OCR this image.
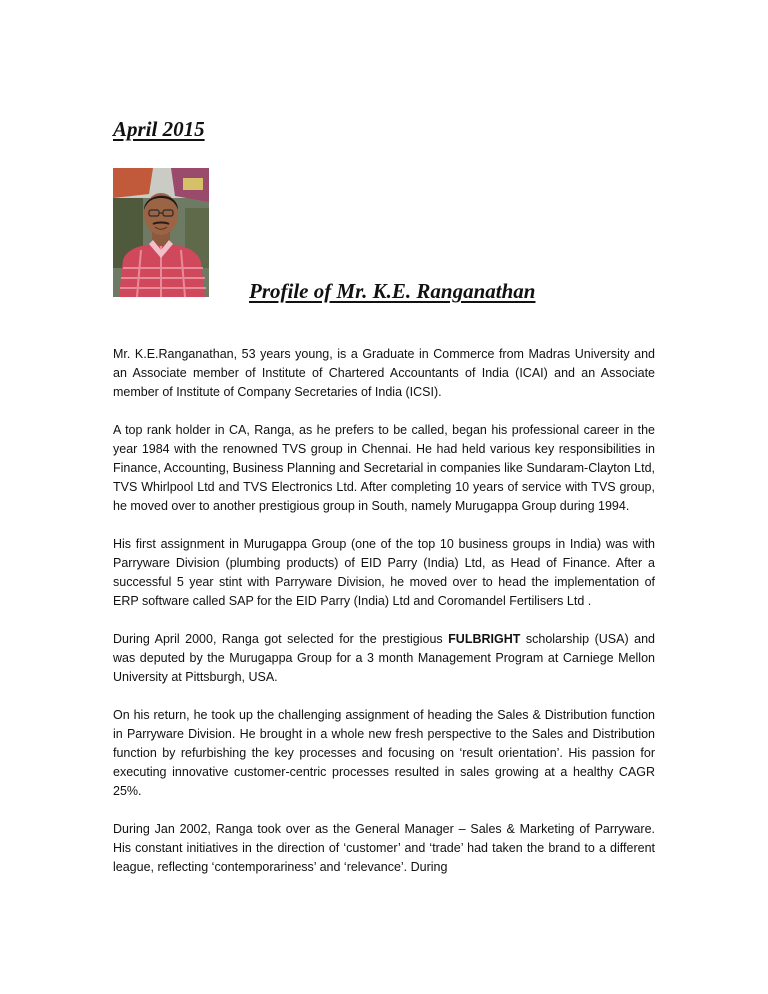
April 2015
Profile of Mr. K.E. Ranganathan

Mr. K.E.Ranganathan, 53 years young, is a Graduate in Commerce from Madras University and an Associate member of Institute of Chartered Accountants of India (ICAI) and an Associate member of Institute of Company Secretaries of India (ICSI).

A top rank holder in CA, Ranga, as he prefers to be called, began his professional career in the year 1984 with the renowned TVS group in Chennai. He had held various key responsibilities in Finance, Accounting, Business Planning and Secretarial in companies like Sundaram-Clayton Ltd, TVS Whirlpool Ltd and TVS Electronics Ltd. After completing 10 years of service with TVS group, he moved over to another prestigious group in South, namely Murugappa Group during 1994.

His first assignment in Murugappa Group (one of the top 10 business groups in India) was with Parryware Division (plumbing products) of EID Parry (India) Ltd, as Head of Finance. After a successful 5 year stint with Parryware Division, he moved over to head the implementation of ERP software called SAP for the EID Parry (India) Ltd and Coromandel Fertilisers Ltd .

During April 2000, Ranga got selected for the prestigious FULBRIGHT scholarship (USA) and was deputed by the Murugappa Group for a 3 month Management Program at Carniege Mellon University at Pittsburgh, USA.

On his return, he took up the challenging assignment of heading the Sales & Distribution function in Parryware Division. He brought in a whole new fresh perspective to the Sales and Distribution function by refurbishing the key processes and focusing on ‘result orientation’. His passion for executing innovative customer-centric processes resulted in sales growing at a healthy CAGR 25%.

During Jan 2002, Ranga took over as the General Manager – Sales & Marketing of Parryware. His constant initiatives in the direction of ‘customer’ and ‘trade’ had taken the brand to a different league, reflecting ‘contemporariness’ and ‘relevance’. During
